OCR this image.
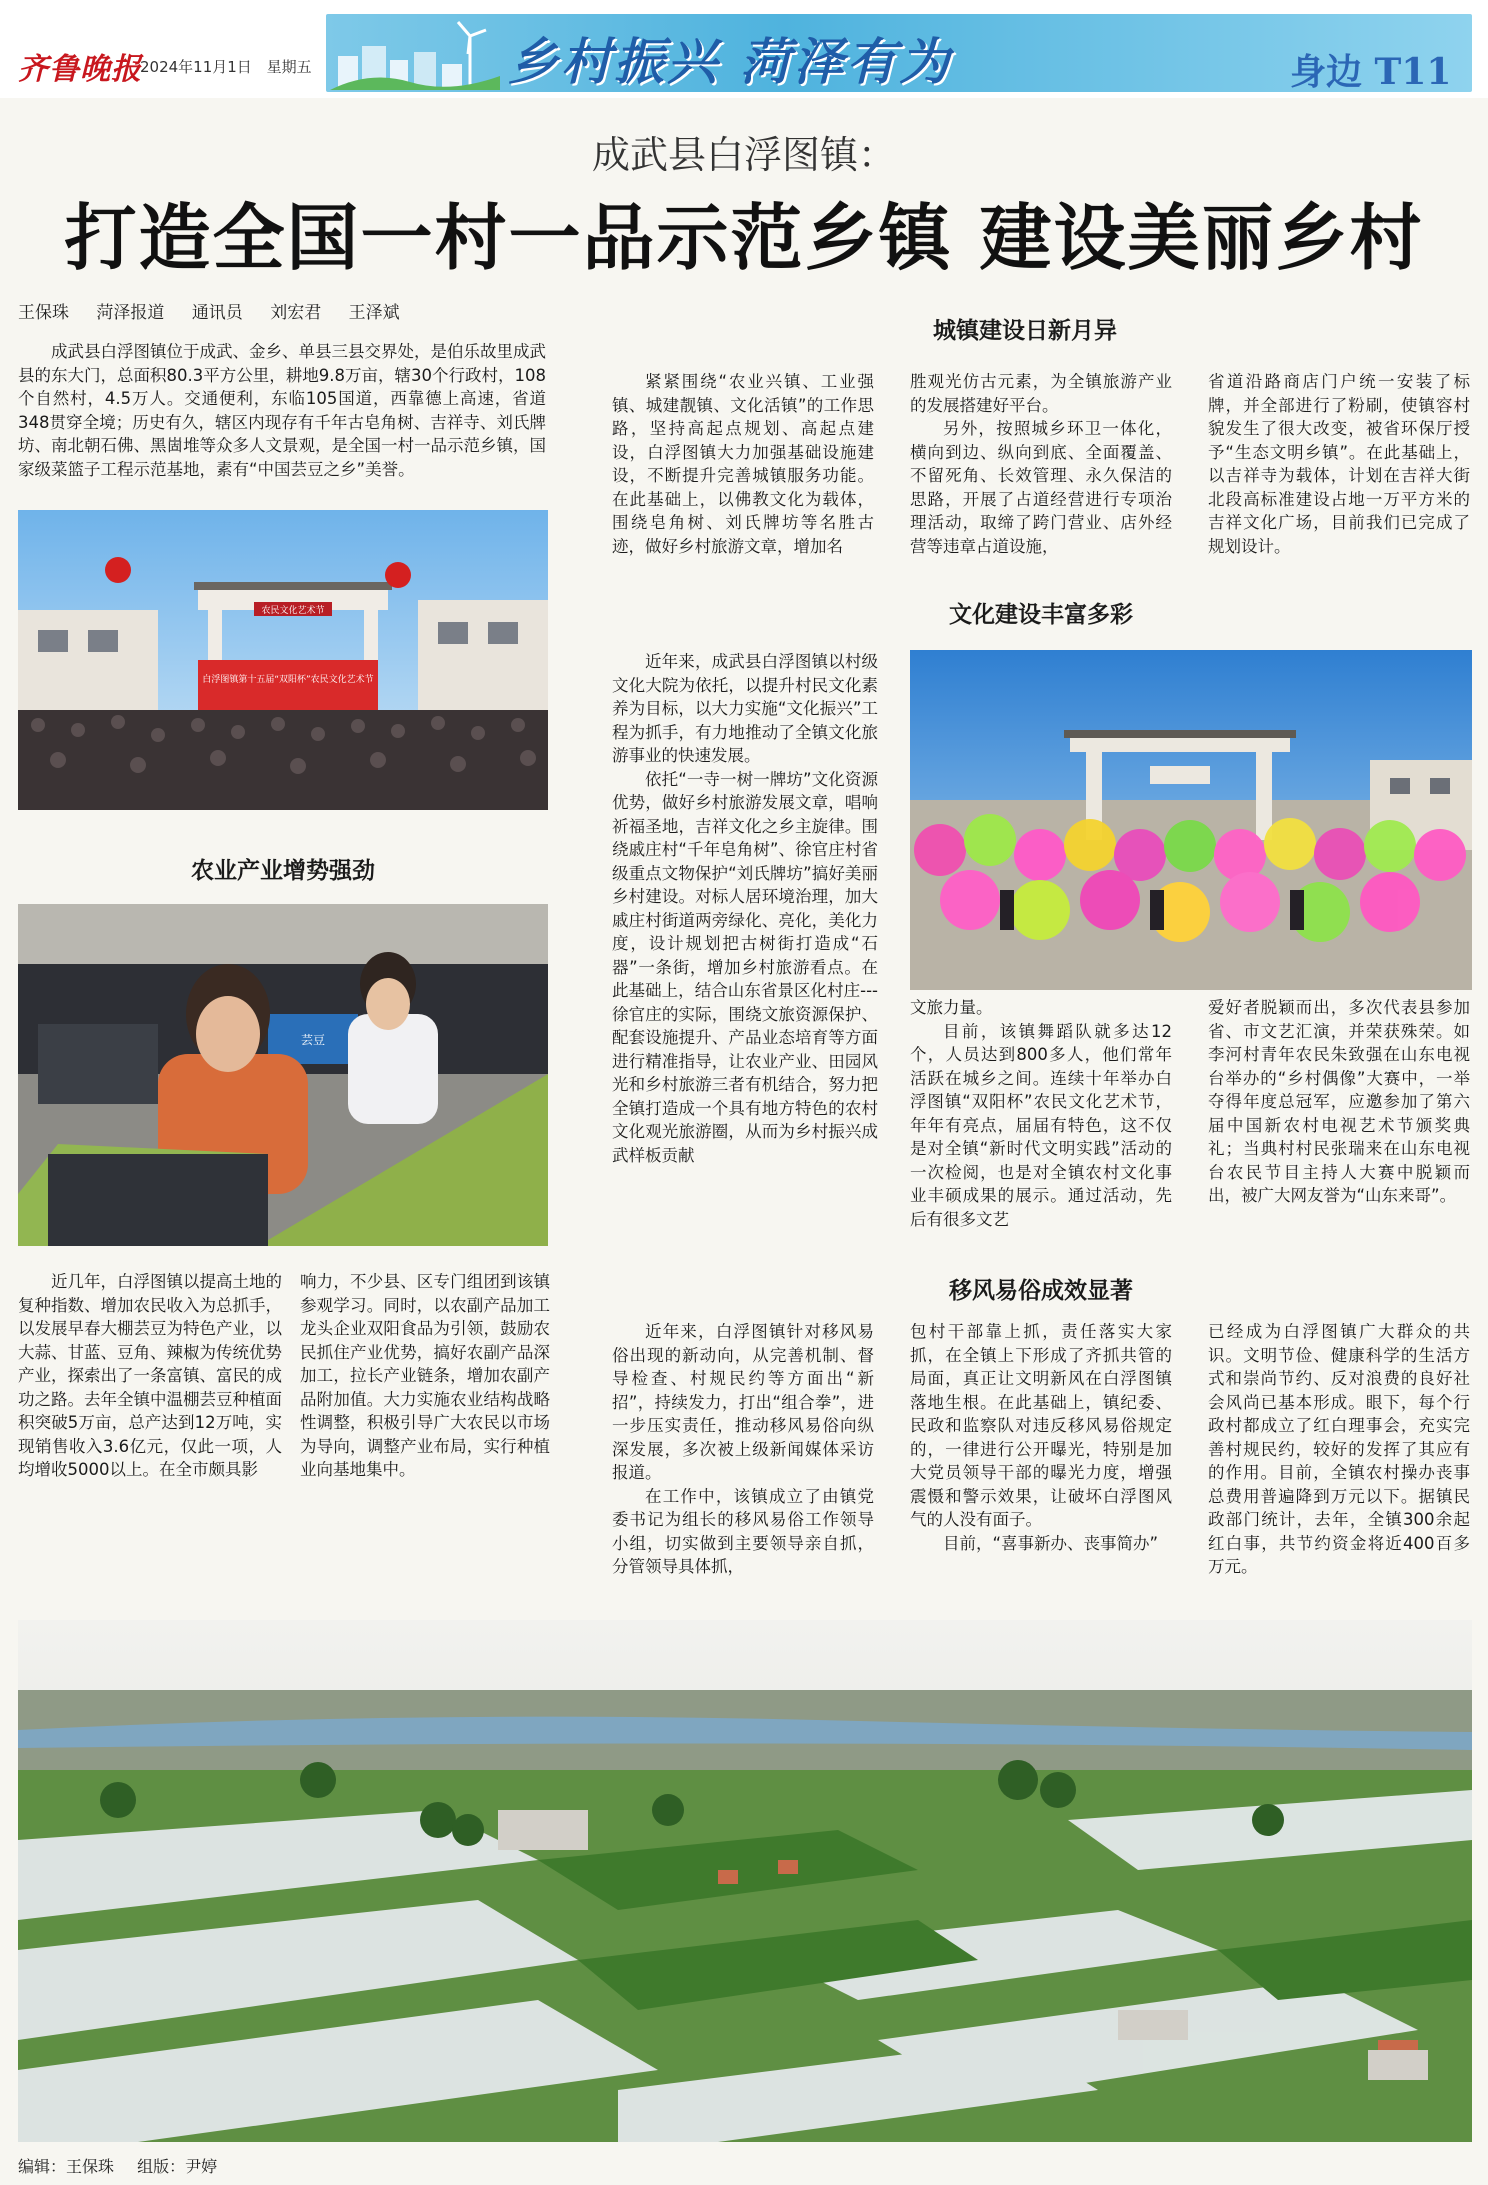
齐鲁晚报
2024年11月1日 星期五	乡村振兴 菏泽有为	身边 T11
成武县白浮图镇：
打造全国一村一品示范乡镇 建设美丽乡村
王保珠 菏泽报道 通讯员 刘宏君 王泽斌

成武县白浮图镇位于成武、金乡、单县三县交界处，是伯乐故里成武县的东大门，总面积80.3平方公里，耕地9.8万亩，辖30个行政村，108个自然村，4.5万人。交通便利，东临105国道，西靠德上高速，省道348贯穿全境；历史有久，辖区内现存有千年古皂角树、吉祥寺、刘氏牌坊、南北朝石佛、黑崮堆等众多人文景观，是全国一村一品示范乡镇，国家级菜篮子工程示范基地，素有“中国芸豆之乡”美誉。

农民文化艺术节
白浮图镇第十五届“双阳杯”农民文化艺术节
农业产业增势强劲
芸豆

近几年，白浮图镇以提高土地的复种指数、增加农民收入为总抓手，以发展早春大棚芸豆为特色产业，以大蒜、甘蓝、豆角、辣椒为传统优势产业，探索出了一条富镇、富民的成功之路。去年全镇中温棚芸豆种植面积突破5万亩，总产达到12万吨，实现销售收入3.6亿元，仅此一项，人均增收5000以上。在全市颇具影

响力，不少县、区专门组团到该镇参观学习。同时，以农副产品加工龙头企业双阳食品为引领，鼓励农民抓住产业优势，搞好农副产品深加工，拉长产业链条，增加农副产品附加值。大力实施农业结构战略性调整，积极引导广大农民以市场为导向，调整产业布局，实行种植业向基地集中。

城镇建设日新月异

紧紧围绕“农业兴镇、工业强镇、城建靓镇、文化活镇”的工作思路，坚持高起点规划、高起点建设，白浮图镇大力加强基础设施建设，不断提升完善城镇服务功能。在此基础上，以佛教文化为载体，围绕皂角树、刘氏牌坊等名胜古迹，做好乡村旅游文章，增加名

胜观光仿古元素，为全镇旅游产业的发展搭建好平台。

另外，按照城乡环卫一体化，横向到边、纵向到底、全面覆盖、不留死角、长效管理、永久保洁的思路，开展了占道经营进行专项治理活动，取缔了跨门营业、店外经营等违章占道设施，

省道沿路商店门户统一安装了标牌，并全部进行了粉刷，使镇容村貌发生了很大改变，被省环保厅授予“生态文明乡镇”。在此基础上，以吉祥寺为载体，计划在吉祥大街北段高标准建设占地一万平方米的吉祥文化广场，目前我们已完成了规划设计。

文化建设丰富多彩

近年来，成武县白浮图镇以村级文化大院为依托，以提升村民文化素养为目标，以大力实施“文化振兴”工程为抓手，有力地推动了全镇文化旅游事业的快速发展。

依托“一寺一树一牌坊”文化资源优势，做好乡村旅游发展文章，唱响祈福圣地，吉祥文化之乡主旋律。围绕戚庄村“千年皂角树”、徐官庄村省级重点文物保护“刘氏牌坊”搞好美丽乡村建设。对标人居环境治理，加大戚庄村街道两旁绿化、亮化，美化力度，设计规划把古树街打造成“石器”一条街，增加乡村旅游看点。在此基础上，结合山东省景区化村庄---徐官庄的实际，围绕文旅资源保护、配套设施提升、产品业态培育等方面进行精准指导，让农业产业、田园风光和乡村旅游三者有机结合，努力把全镇打造成一个具有地方特色的农村文化观光旅游圈，从而为乡村振兴成武样板贡献

文旅力量。

目前，该镇舞蹈队就多达12个，人员达到800多人，他们常年活跃在城乡之间。连续十年举办白浮图镇“双阳杯”农民文化艺术节，年年有亮点，届届有特色，这不仅是对全镇“新时代文明实践”活动的一次检阅，也是对全镇农村文化事业丰硕成果的展示。通过活动，先后有很多文艺

爱好者脱颖而出，多次代表县参加省、市文艺汇演，并荣获殊荣。如李河村青年农民朱致强在山东电视台举办的“乡村偶像”大赛中，一举夺得年度总冠军，应邀参加了第六届中国新农村电视艺术节颁奖典礼；当典村村民张瑞来在山东电视台农民节目主持人大赛中脱颖而出，被广大网友誉为“山东来哥”。

移风易俗成效显著

近年来，白浮图镇针对移风易俗出现的新动向，从完善机制、督导检查、村规民约等方面出“新招”，持续发力，打出“组合拳”，进一步压实责任，推动移风易俗向纵深发展，多次被上级新闻媒体采访报道。

在工作中，该镇成立了由镇党委书记为组长的移风易俗工作领导小组，切实做到主要领导亲自抓，分管领导具体抓，

包村干部靠上抓，责任落实大家抓，在全镇上下形成了齐抓共管的局面，真正让文明新风在白浮图镇落地生根。在此基础上，镇纪委、民政和监察队对违反移风易俗规定的，一律进行公开曝光，特别是加大党员领导干部的曝光力度，增强震慑和警示效果，让破坏白浮图风气的人没有面子。

目前，“喜事新办、丧事简办”

已经成为白浮图镇广大群众的共识。文明节俭、健康科学的生活方式和崇尚节约、反对浪费的良好社会风尚已基本形成。眼下，每个行政村都成立了红白理事会，充实完善村规民约，较好的发挥了其应有的作用。目前，全镇农村操办丧事总费用普遍降到万元以下。据镇民政部门统计，去年，全镇300余起红白事，共节约资金将近400百多万元。

编辑：王保珠 组版：尹婷
